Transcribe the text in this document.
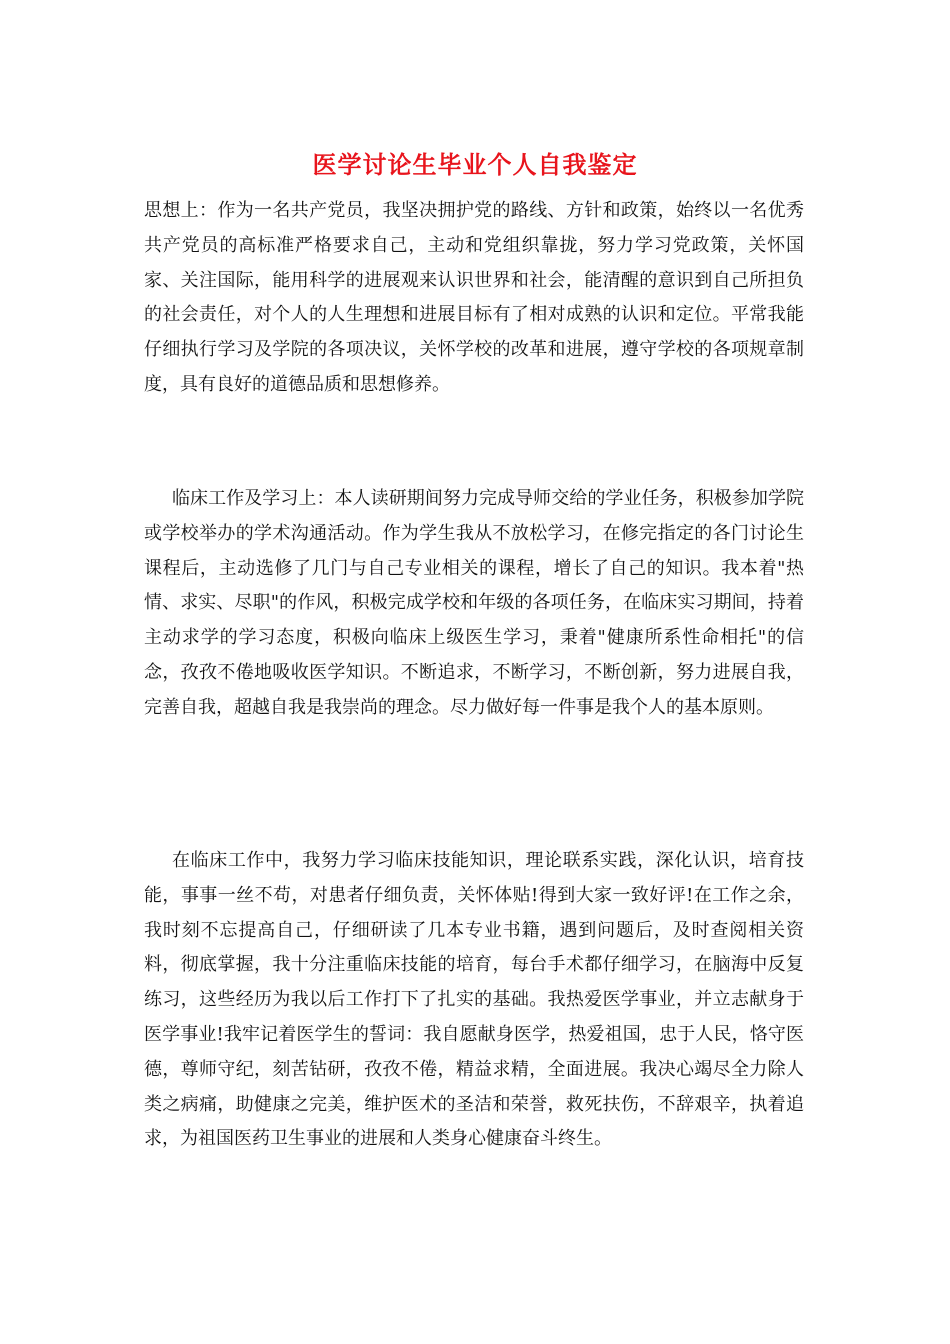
医学讨论生毕业个人自我鉴定

思想上：作为一名共产党员，我坚决拥护党的路线、方针和政策，始终以一名优秀共产党员的高标准严格要求自己，主动和党组织靠拢，努力学习党政策，关怀国家、关注国际，能用科学的进展观来认识世界和社会，能清醒的意识到自己所担负的社会责任，对个人的人生理想和进展目标有了相对成熟的认识和定位。平常我能仔细执行学习及学院的各项决议，关怀学校的改革和进展，遵守学校的各项规章制度，具有良好的道德品质和思想修养。

临床工作及学习上：本人读研期间努力完成导师交给的学业任务，积极参加学院或学校举办的学术沟通活动。作为学生我从不放松学习，在修完指定的各门讨论生课程后，主动选修了几门与自己专业相关的课程，增长了自己的知识。我本着"热情、求实、尽职"的作风，积极完成学校和年级的各项任务，在临床实习期间，持着主动求学的学习态度，积极向临床上级医生学习，秉着"健康所系性命相托"的信念，孜孜不倦地吸收医学知识。不断追求，不断学习，不断创新，努力进展自我，完善自我，超越自我是我崇尚的理念。尽力做好每一件事是我个人的基本原则。

在临床工作中，我努力学习临床技能知识，理论联系实践，深化认识，培育技能，事事一丝不苟，对患者仔细负责，关怀体贴!得到大家一致好评!在工作之余，我时刻不忘提高自己，仔细研读了几本专业书籍，遇到问题后，及时查阅相关资料，彻底掌握，我十分注重临床技能的培育，每台手术都仔细学习，在脑海中反复练习，这些经历为我以后工作打下了扎实的基础。我热爱医学事业，并立志献身于医学事业!我牢记着医学生的誓词：我自愿献身医学，热爱祖国，忠于人民，恪守医德，尊师守纪，刻苦钻研，孜孜不倦，精益求精，全面进展。我决心竭尽全力除人类之病痛，助健康之完美，维护医术的圣洁和荣誉，救死扶伤，不辞艰辛，执着追求，为祖国医药卫生事业的进展和人类身心健康奋斗终生。
